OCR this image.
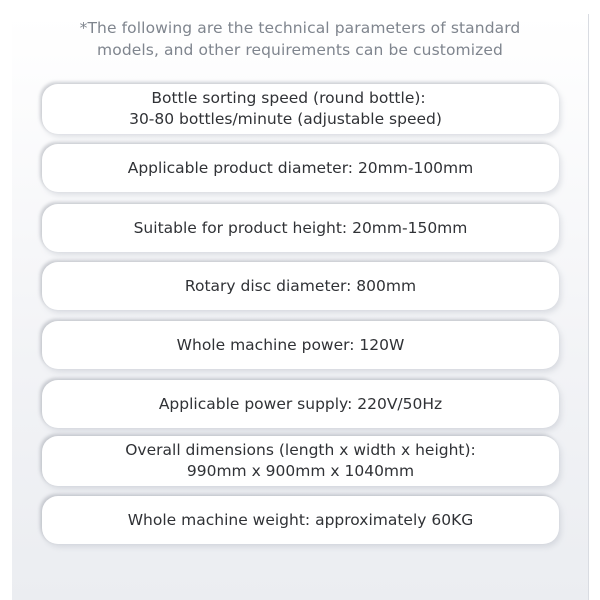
*The following are the technical parameters of standard
models, and other requirements can be customized
Bottle sorting speed (round bottle):
30-80 bottles/minute (adjustable speed)
Applicable product diameter: 20mm-100mm
Suitable for product height: 20mm-150mm
Rotary disc diameter: 800mm
Whole machine power: 120W
Applicable power supply: 220V/50Hz
Overall dimensions (length x width x height):
990mm x 900mm x 1040mm
Whole machine weight: approximately 60KG
